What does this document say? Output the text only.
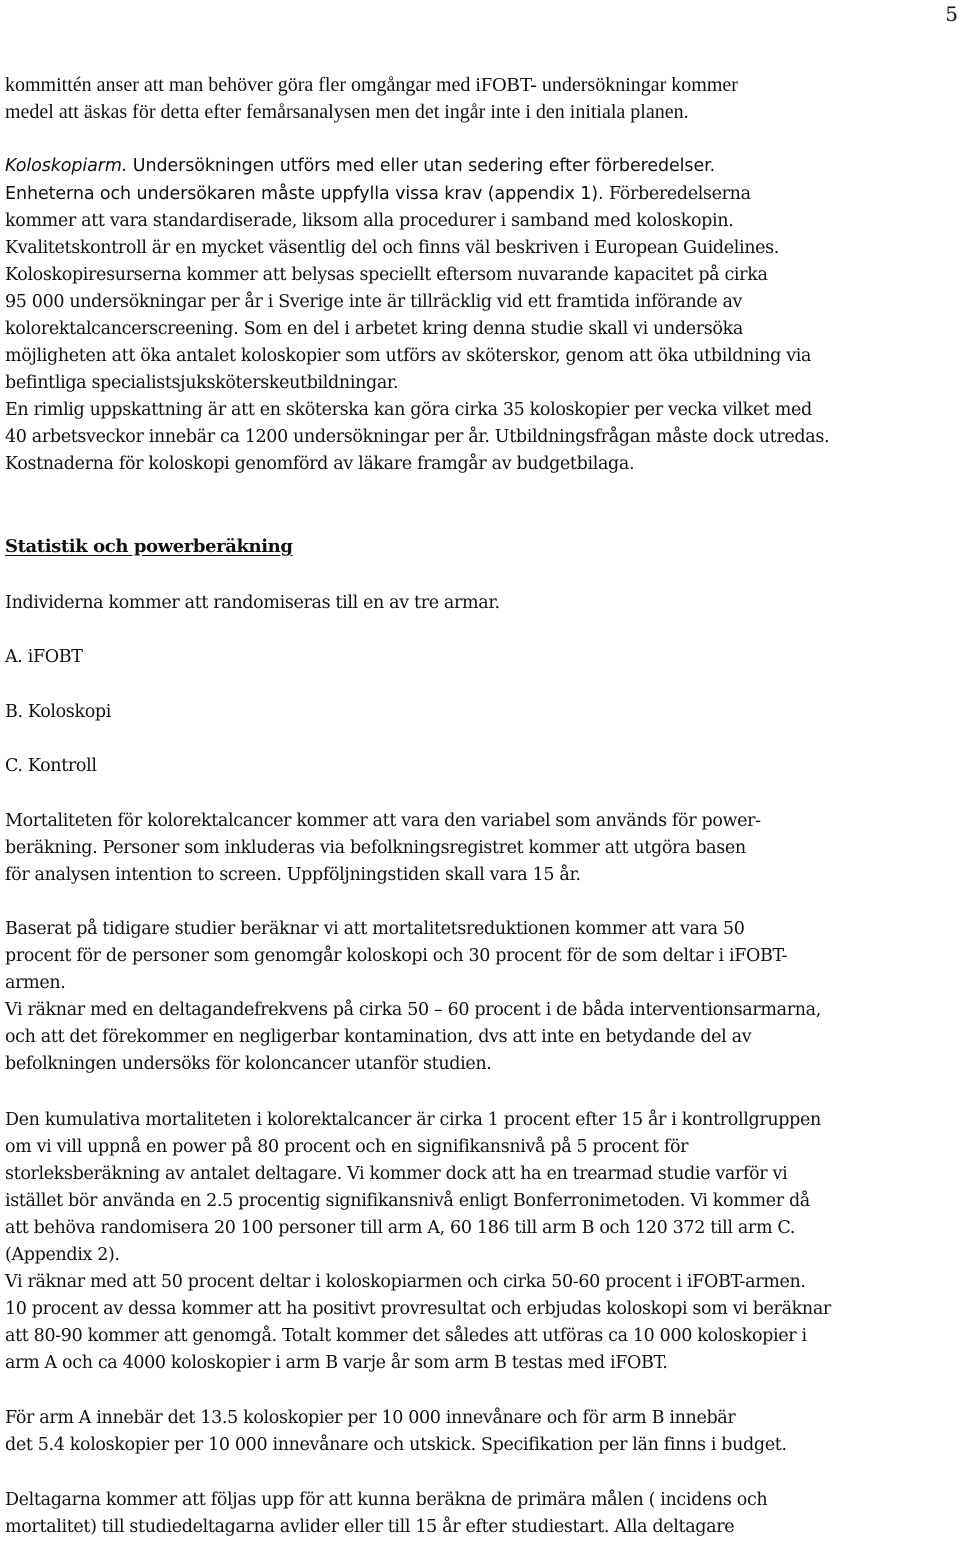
5
kommittén anser att man behöver göra fler omgångar med iFOBT- undersökningar kommer
medel att äskas för detta efter femårsanalysen men det ingår inte i den initiala planen.
Koloskopiarm. Undersökningen utförs med eller utan sedering efter förberedelser.
Enheterna och undersökaren måste uppfylla vissa krav (appendix 1). Förberedelserna
kommer att vara standardiserade, liksom alla procedurer i samband med koloskopin.
Kvalitetskontroll är en mycket väsentlig del och finns väl beskriven i European Guidelines.
Koloskopiresurserna kommer att belysas speciellt eftersom nuvarande kapacitet på cirka
95 000 undersökningar per år i Sverige inte är tillräcklig vid ett framtida införande av
kolorektalcancerscreening. Som en del i arbetet kring denna studie skall vi undersöka
möjligheten att öka antalet koloskopier som utförs av sköterskor, genom att öka utbildning via
befintliga specialistsjuksköterskeutbildningar.
En rimlig uppskattning är att en sköterska kan göra cirka 35 koloskopier per vecka vilket med
40 arbetsveckor innebär ca 1200 undersökningar per år. Utbildningsfrågan måste dock utredas.
Kostnaderna för koloskopi genomförd av läkare framgår av budgetbilaga.
Statistik och powerberäkning
Individerna kommer att randomiseras till en av tre armar.
A. iFOBT
B. Koloskopi
C. Kontroll
Mortaliteten för kolorektalcancer kommer att vara den variabel som används för power-
beräkning. Personer som inkluderas via befolkningsregistret kommer att utgöra basen
för analysen intention to screen. Uppföljningstiden skall vara 15 år.
Baserat på tidigare studier beräknar vi att mortalitetsreduktionen kommer att vara 50
procent för de personer som genomgår koloskopi och 30 procent för de som deltar i iFOBT-
armen.
Vi räknar med en deltagandefrekvens på cirka 50 – 60 procent i de båda interventionsarmarna,
och att det förekommer en negligerbar kontamination, dvs att inte en betydande del av
befolkningen undersöks för koloncancer utanför studien.
Den kumulativa mortaliteten i kolorektalcancer är cirka 1 procent efter 15 år i kontrollgruppen
om vi vill uppnå en power på 80 procent och en signifikansnivå på 5 procent för
storleksberäkning av antalet deltagare. Vi kommer dock att ha en trearmad studie varför vi
istället bör använda en 2.5 procentig signifikansnivå enligt Bonferronimetoden. Vi kommer då
att behöva randomisera 20 100 personer till arm A, 60 186 till arm B och 120 372 till arm C.
(Appendix 2).
Vi räknar med att 50 procent deltar i koloskopiarmen och cirka 50-60 procent i iFOBT-armen.
10 procent av dessa kommer att ha positivt provresultat och erbjudas koloskopi som vi beräknar
att 80-90 kommer att genomgå. Totalt kommer det således att utföras ca 10 000 koloskopier i
arm A och ca 4000 koloskopier i arm B varje år som arm B testas med iFOBT.
För arm A innebär det 13.5 koloskopier per 10 000 innevånare och för arm B innebär
det 5.4 koloskopier per 10 000 innevånare och utskick. Specifikation per län finns i budget.
Deltagarna kommer att följas upp för att kunna beräkna de primära målen ( incidens och
mortalitet) till studiedeltagarna avlider eller till 15 år efter studiestart. Alla deltagare
